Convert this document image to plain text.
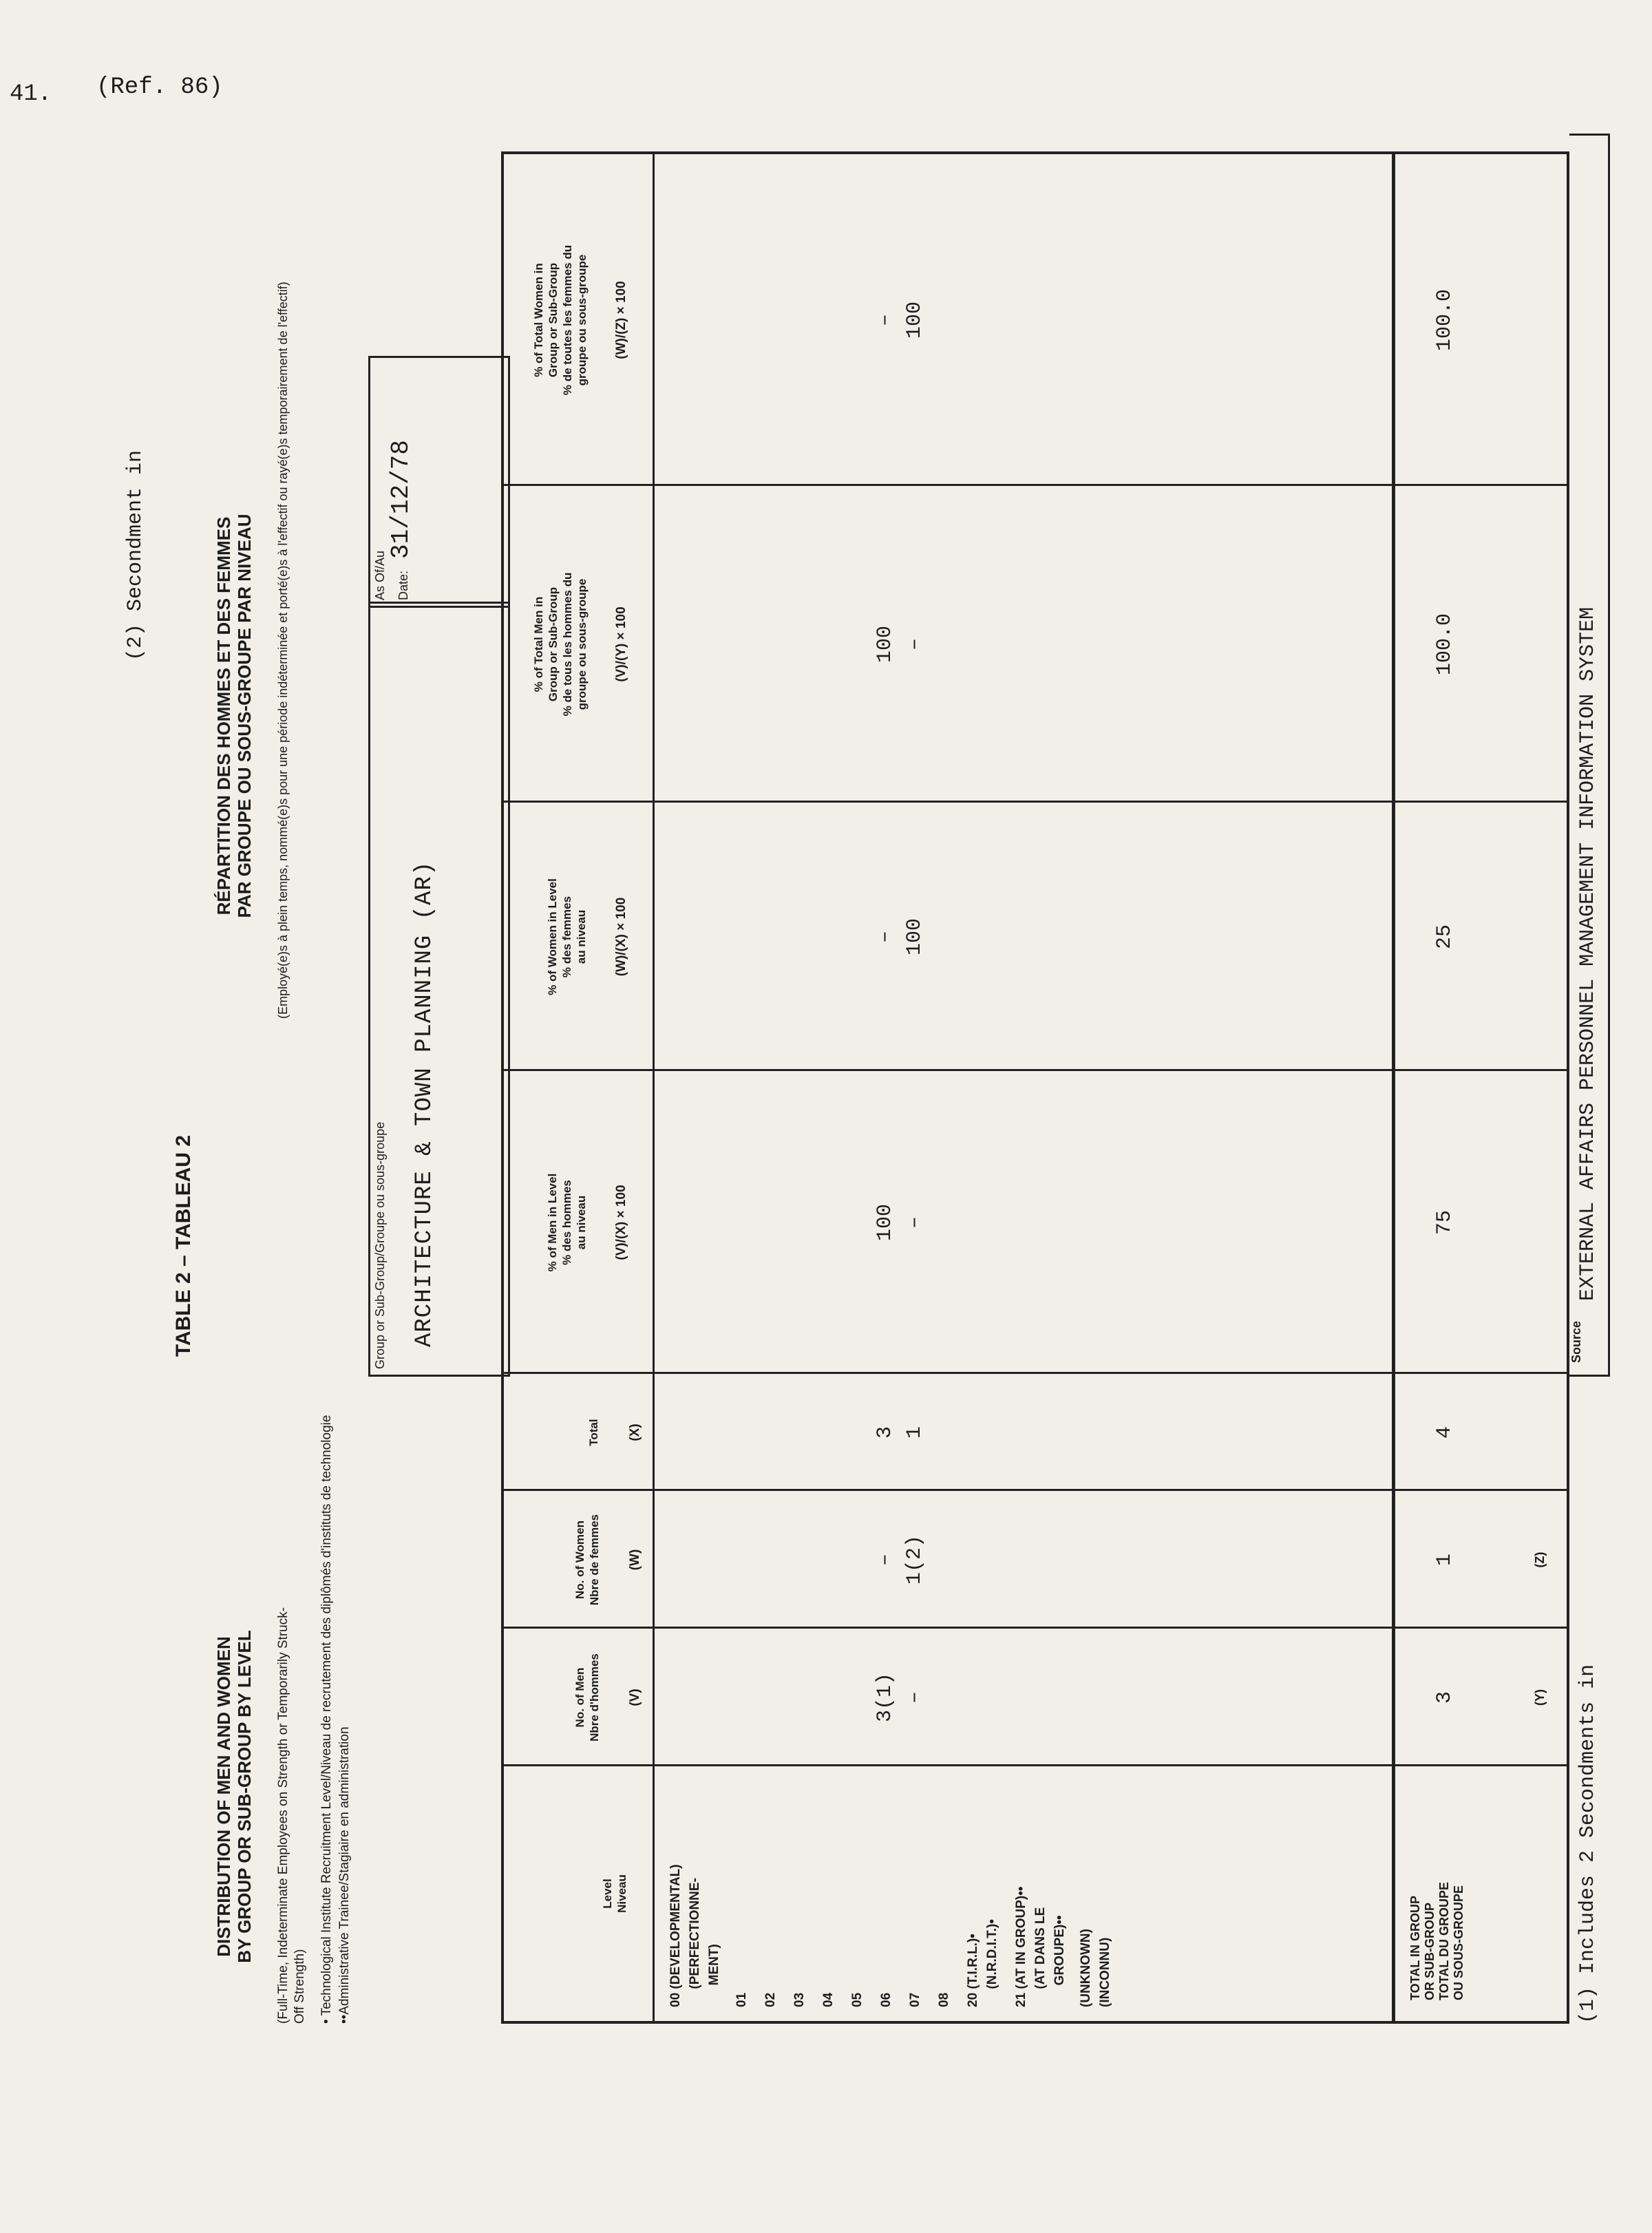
41. (Ref. 86)
TABLE 2 – TABLEAU 2
DISTRIBUTION OF MEN AND WOMEN BY GROUP OR SUB-GROUP BY LEVEL
RÉPARTITION DES HOMMES ET DES FEMMES PAR GROUPE OU SOUS-GROUPE PAR NIVEAU
(Full-Time, Indeterminate Employees on Strength or Temporarily Struck-Off Strength)
(Employé(e)s à plein temps, nommé(e)s pour une période indéterminée et porté(e)s à l'effectif ou rayé(e)s temporairement de l'effectif)
• Technological Institute Recruitment Level/Niveau de recrutement des diplômés d'instituts de technologie ••Administrative Trainee/Stagiaire en administration
Group or Sub-Group/Groupe ou sous-groupe ARCHITECTURE & TOWN PLANNING (AR)
As Of/Au Date: 31/12/78
Level
Niveau
No. of Men
Nbre d'hommes (V)
No. of Women
Nbre de femmes
(W)
Total (X)
% of Men in Level
% des hommes
au niveau (V)/(X) × 100
% of Women in Level
% des femmes
au niveau (W)/(X) × 100
% of Total Men in
Group or Sub-Group
% de tous les hommes du
groupe ou sous-groupe (V)/(Y) × 100
% of Total Women in
Group or Sub-Group
% de toutes les femmes du
groupe ou sous-groupe (W)/(Z) × 100
00 (DEVELOPMENTAL) (PERFECTIONNE- MENT) 01 02 03 04 05 06 07 08 20 (T.I.R.L.)• (N.R.D.I.T.)• 21 (AT IN GROUP)•• (AT DANS LE GROUPE)•• (UNKNOWN) (INCONNU)
3(1)
–
3
100
–
100
–
–
1(2)
1
–
100
–
100
TOTAL IN GROUP
OR SUB-GROUP
TOTAL DU GROUPE
OU SOUS-GROUPE
3
1
4
75
25
100.0
100.0
(Y)
(Z)
Source
EXTERNAL AFFAIRS PERSONNEL MANAGEMENT INFORMATION SYSTEM
(1) Includes 2 Secondments in
(2) Secondment in
